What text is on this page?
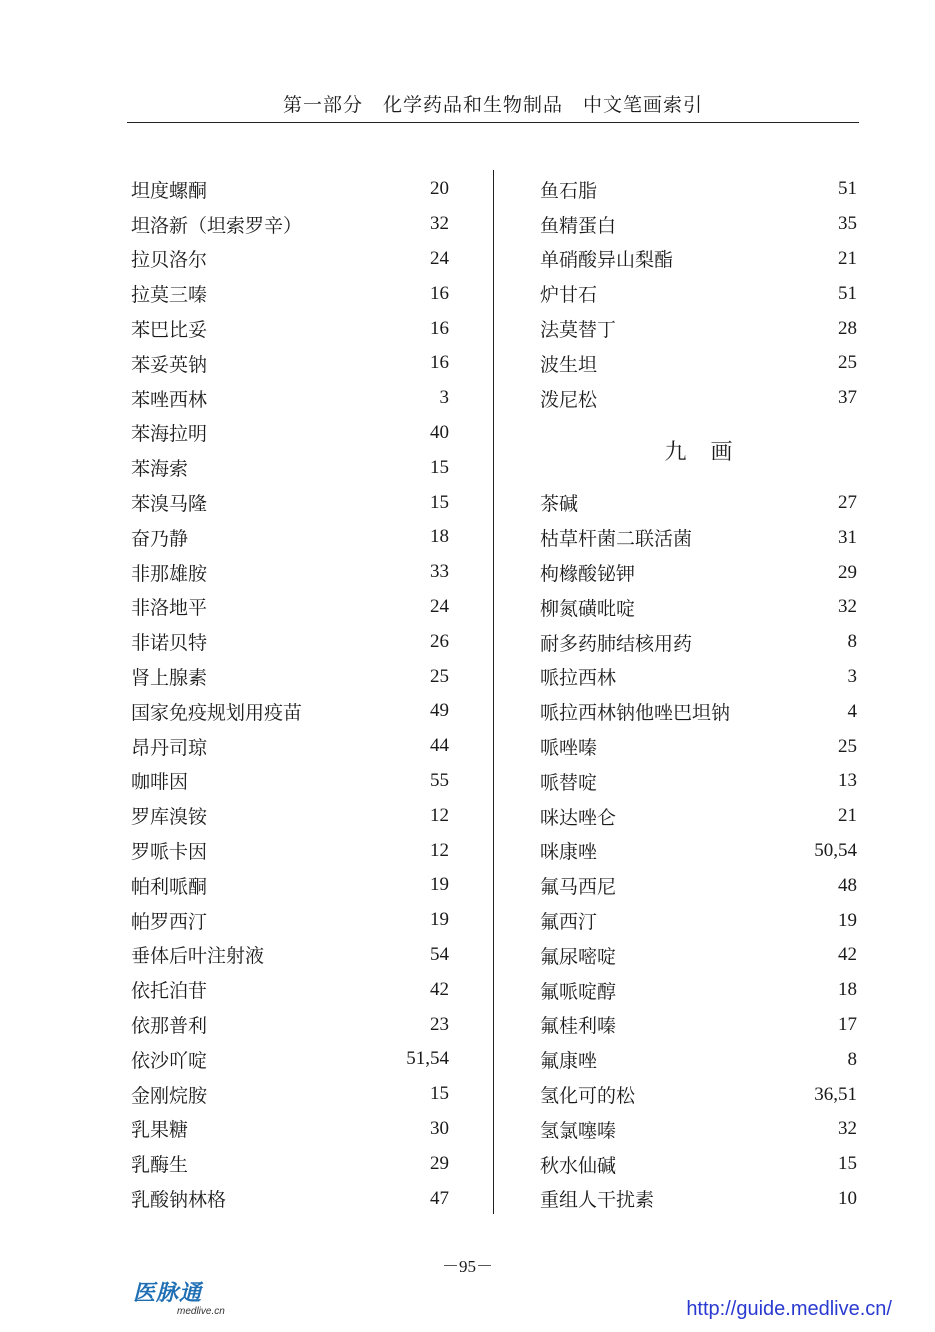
第一部分　化学药品和生物制品　中文笔画索引
坦度螺酮	20
坦洛新（坦索罗辛）	32
拉贝洛尔	24
拉莫三嗪	16
苯巴比妥	16
苯妥英钠	16
苯唑西林	3
苯海拉明	40
苯海索	15
苯溴马隆	15
奋乃静	18
非那雄胺	33
非洛地平	24
非诺贝特	26
肾上腺素	25
国家免疫规划用疫苗	49
昂丹司琼	44
咖啡因	55
罗库溴铵	12
罗哌卡因	12
帕利哌酮	19
帕罗西汀	19
垂体后叶注射液	54
依托泊苷	42
依那普利	23
依沙吖啶	51,54
金刚烷胺	15
乳果糖	30
乳酶生	29
乳酸钠林格	47
鱼石脂	51
鱼精蛋白	35
单硝酸异山梨酯	21
炉甘石	51
法莫替丁	28
波生坦	25
泼尼松	37
九画
茶碱	27
枯草杆菌二联活菌	31
枸橼酸铋钾	29
柳氮磺吡啶	32
耐多药肺结核用药	8
哌拉西林	3
哌拉西林钠他唑巴坦钠	4
哌唑嗪	25
哌替啶	13
咪达唑仑	21
咪康唑	50,54
氟马西尼	48
氟西汀	19
氟尿嘧啶	42
氟哌啶醇	18
氟桂利嗪	17
氟康唑	8
氢化可的松	36,51
氢氯噻嗪	32
秋水仙碱	15
重组人干扰素	10
－95－
医脉通
medlive.cn	http://guide.medlive.cn/
